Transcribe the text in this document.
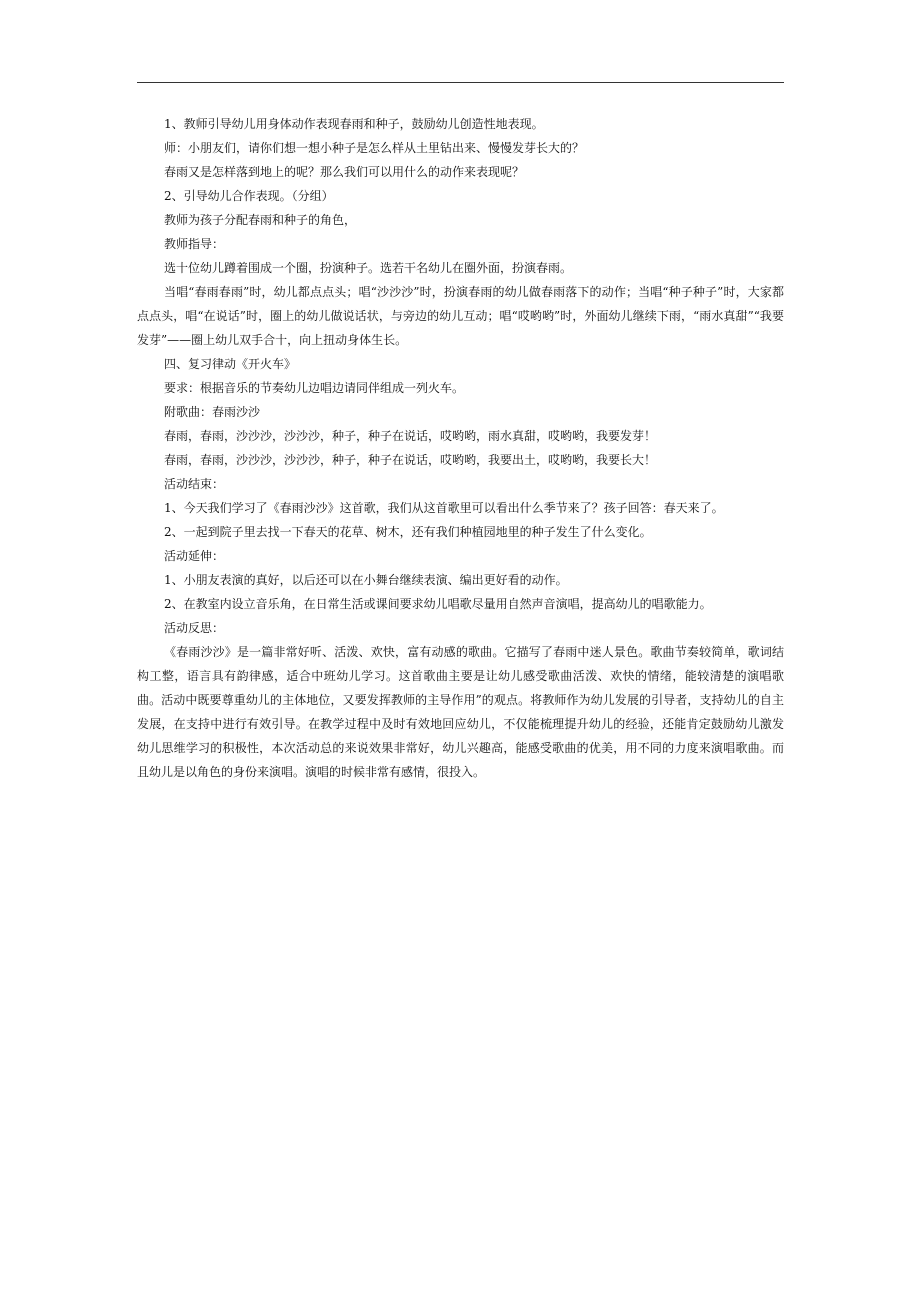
1、教师引导幼儿用身体动作表现春雨和种子，鼓励幼儿创造性地表现。

师：小朋友们，请你们想一想小种子是怎么样从土里钻出来、慢慢发芽长大的？

春雨又是怎样落到地上的呢？那么我们可以用什么的动作来表现呢？

2、引导幼儿合作表现。（分组）

教师为孩子分配春雨和种子的角色，

教师指导：

选十位幼儿蹲着围成一个圈，扮演种子。选若干名幼儿在圈外面，扮演春雨。

当唱“春雨春雨”时，幼儿都点点头；唱“沙沙沙”时，扮演春雨的幼儿做春雨落下的动作；当唱“种子种子”时，大家都点点头，唱“在说话”时，圈上的幼儿做说话状，与旁边的幼儿互动；唱“哎哟哟”时，外面幼儿继续下雨，“雨水真甜”“我要发芽”——圈上幼儿双手合十，向上扭动身体生长。

四、复习律动《开火车》

要求：根据音乐的节奏幼儿边唱边请同伴组成一列火车。

附歌曲：春雨沙沙

春雨，春雨，沙沙沙，沙沙沙，种子，种子在说话，哎哟哟，雨水真甜，哎哟哟，我要发芽！

春雨，春雨，沙沙沙，沙沙沙，种子，种子在说话，哎哟哟，我要出土，哎哟哟，我要长大！

活动结束：

1、今天我们学习了《春雨沙沙》这首歌，我们从这首歌里可以看出什么季节来了？孩子回答：春天来了。

2、一起到院子里去找一下春天的花草、树木，还有我们种植园地里的种子发生了什么变化。

活动延伸：

1、小朋友表演的真好，以后还可以在小舞台继续表演、编出更好看的动作。

2、在教室内设立音乐角，在日常生活或课间要求幼儿唱歌尽量用自然声音演唱，提高幼儿的唱歌能力。

活动反思：

《春雨沙沙》是一篇非常好听、活泼、欢快，富有动感的歌曲。它描写了春雨中迷人景色。歌曲节奏较简单，歌词结构工整，语言具有韵律感，适合中班幼儿学习。这首歌曲主要是让幼儿感受歌曲活泼、欢快的情绪，能较清楚的演唱歌曲。活动中既要尊重幼儿的主体地位，又要发挥教师的主导作用”的观点。将教师作为幼儿发展的引导者，支持幼儿的自主发展，在支持中进行有效引导。在教学过程中及时有效地回应幼儿，不仅能梳理提升幼儿的经验，还能肯定鼓励幼儿激发幼儿思维学习的积极性，本次活动总的来说效果非常好，幼儿兴趣高，能感受歌曲的优美，用不同的力度来演唱歌曲。而且幼儿是以角色的身份来演唱。演唱的时候非常有感情，很投入。
